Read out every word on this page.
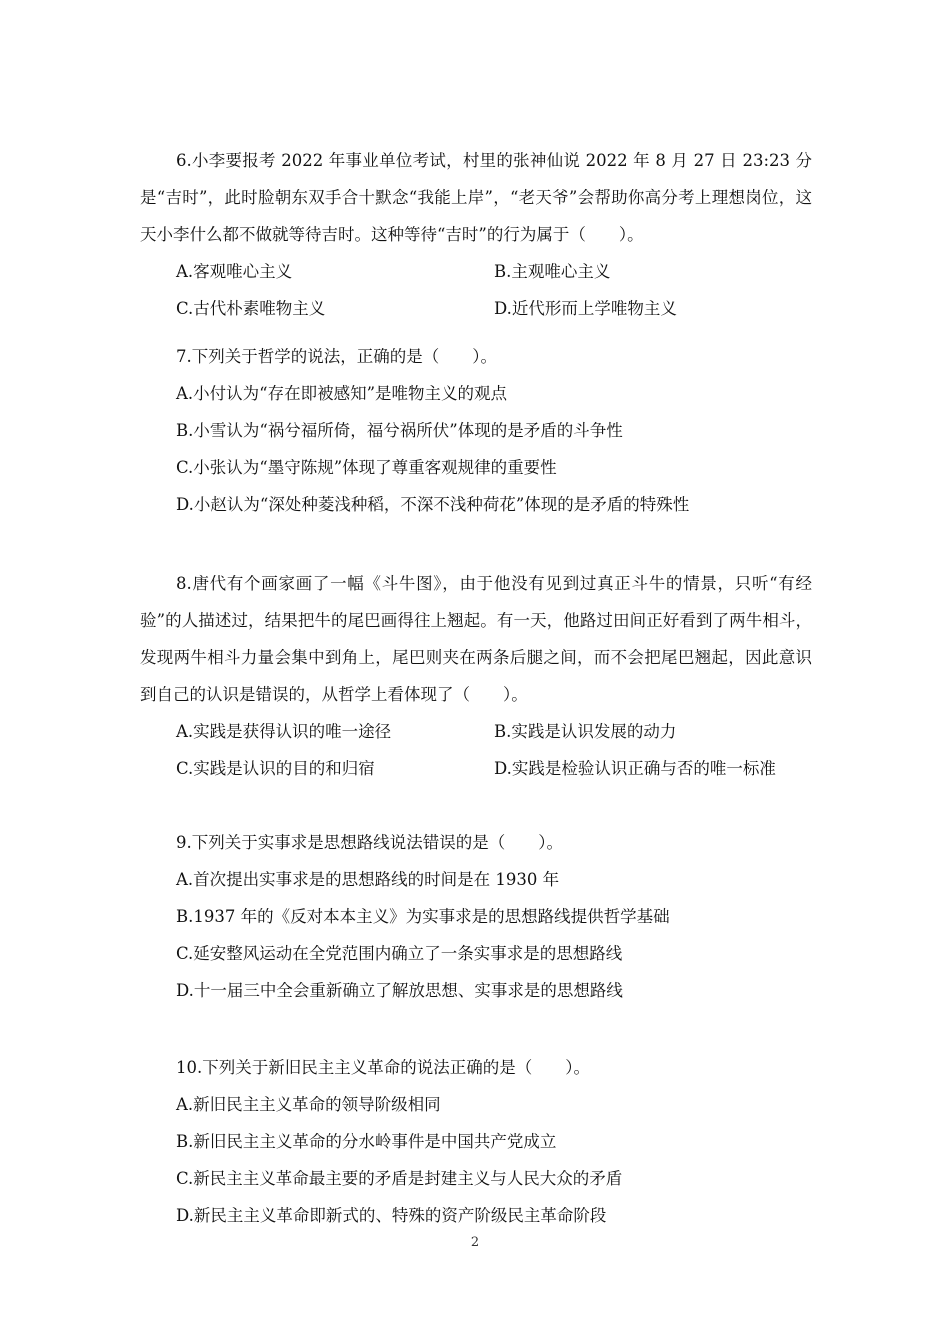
6.小李要报考 2022 年事业单位考试，村里的张神仙说 2022 年 8 月 27 日 23:23 分是“吉时”，此时脸朝东双手合十默念“我能上岸”，“老天爷”会帮助你高分考上理想岗位，这天小李什么都不做就等待吉时。这种等待“吉时”的行为属于（　　）。

A.客观唯心主义	B.主观唯心主义

C.古代朴素唯物主义	D.近代形而上学唯物主义

7.下列关于哲学的说法，正确的是（　　）。

A.小付认为“存在即被感知”是唯物主义的观点

B.小雪认为“祸兮福所倚，福兮祸所伏”体现的是矛盾的斗争性

C.小张认为“墨守陈规”体现了尊重客观规律的重要性

D.小赵认为“深处种菱浅种稻，不深不浅种荷花”体现的是矛盾的特殊性

8.唐代有个画家画了一幅《斗牛图》，由于他没有见到过真正斗牛的情景，只听“有经验”的人描述过，结果把牛的尾巴画得往上翘起。有一天，他路过田间正好看到了两牛相斗，发现两牛相斗力量会集中到角上，尾巴则夹在两条后腿之间，而不会把尾巴翘起，因此意识到自己的认识是错误的，从哲学上看体现了（　　）。

A.实践是获得认识的唯一途径	B.实践是认识发展的动力

C.实践是认识的目的和归宿	D.实践是检验认识正确与否的唯一标准

9.下列关于实事求是思想路线说法错误的是（　　）。

A.首次提出实事求是的思想路线的时间是在 1930 年

B.1937 年的《反对本本主义》为实事求是的思想路线提供哲学基础

C.延安整风运动在全党范围内确立了一条实事求是的思想路线

D.十一届三中全会重新确立了解放思想、实事求是的思想路线

10.下列关于新旧民主主义革命的说法正确的是（　　）。

A.新旧民主主义革命的领导阶级相同

B.新旧民主主义革命的分水岭事件是中国共产党成立

C.新民主主义革命最主要的矛盾是封建主义与人民大众的矛盾

D.新民主主义革命即新式的、特殊的资产阶级民主革命阶段

2
